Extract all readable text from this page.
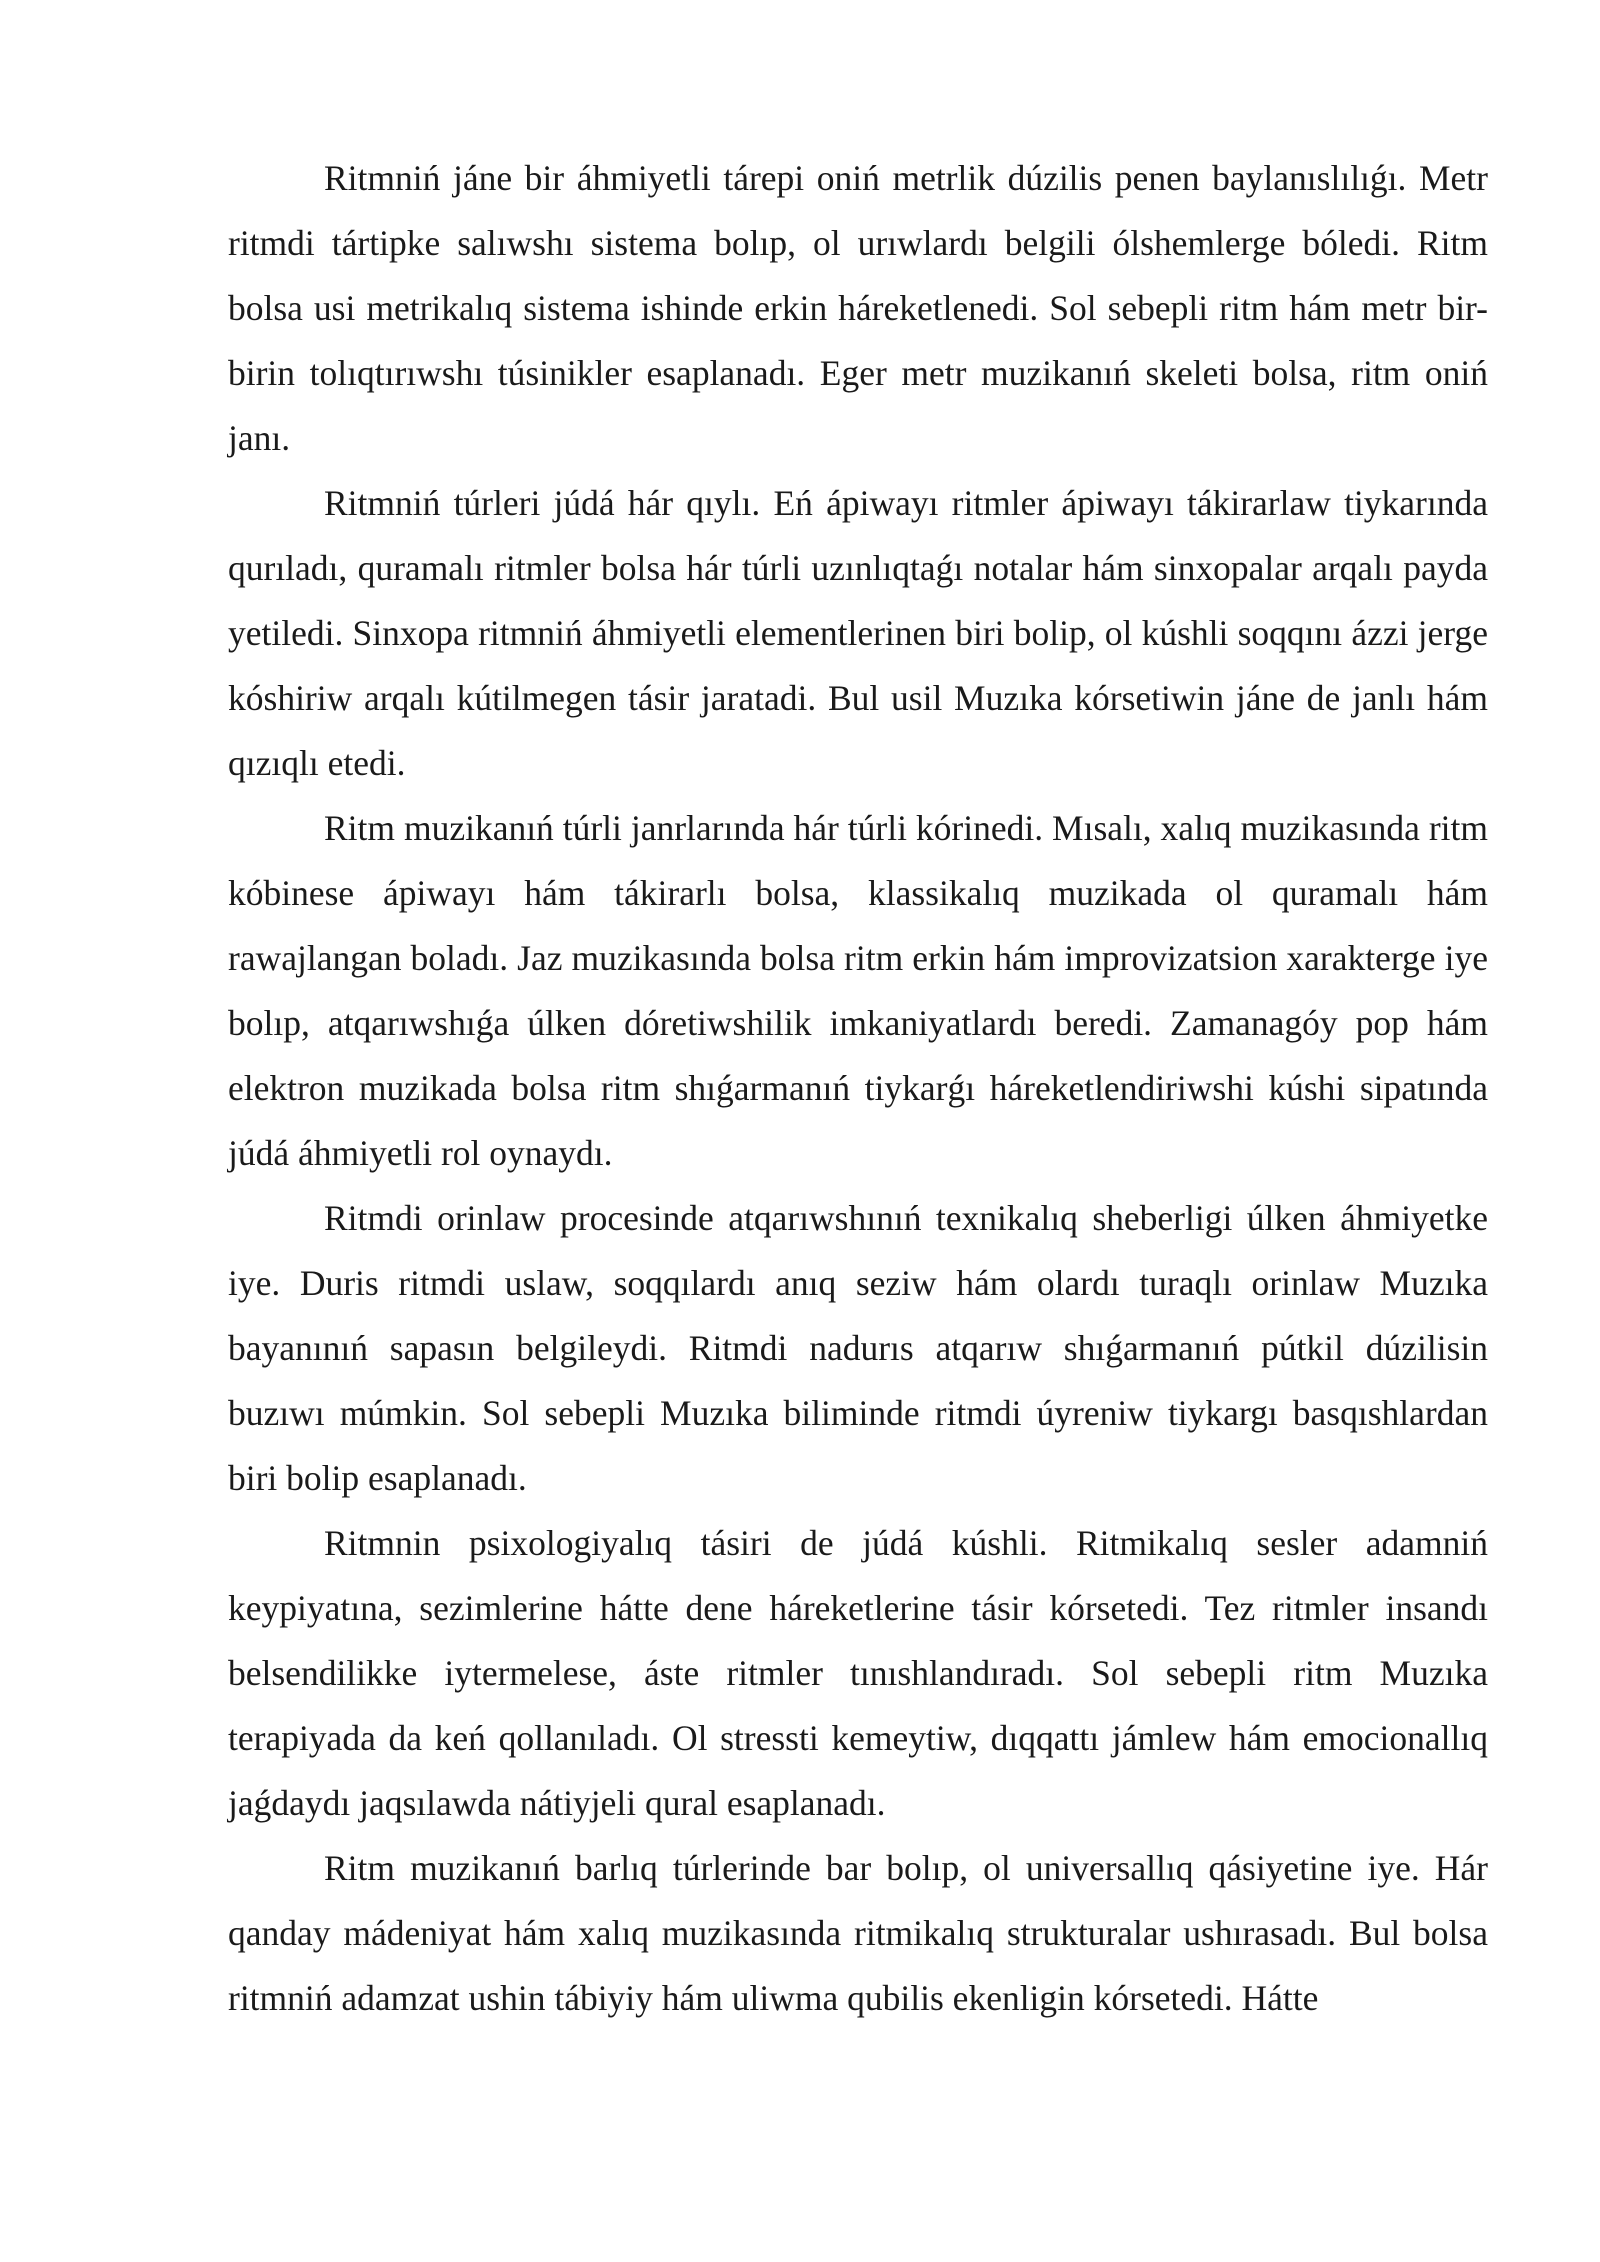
Ritmniń jáne bir áhmiyetli tárepi oniń metrlik dúzilis penen baylanıslılıǵı. Metr ritmdi tártipke salıwshı sistema bolıp, ol urıwlardı belgili ólshemlerge bóledi. Ritm bolsa usi metrikalıq sistema ishinde erkin háreketlenedi. Sol sebepli ritm hám metr bir-birin tolıqtırıwshı túsinikler esaplanadı. Eger metr muzikanıń skeleti bolsa, ritm oniń janı.

Ritmniń túrleri júdá hár qıylı. Eń ápiwayı ritmler ápiwayı tákirarlaw tiykarında qurıladı, quramalı ritmler bolsa hár túrli uzınlıqtaǵı notalar hám sinxopalar arqalı payda yetiledi. Sinxopa ritmniń áhmiyetli elementlerinen biri bolip, ol kúshli soqqını ázzi jerge kóshiriw arqalı kútilmegen tásir jaratadi. Bul usil Muzıka kórsetiwin jáne de janlı hám qızıqlı etedi.

Ritm muzikanıń túrli janrlarında hár túrli kórinedi. Mısalı, xalıq muzikasında ritm kóbinese ápiwayı hám tákirarlı bolsa, klassikalıq muzikada ol quramalı hám rawajlangan boladı. Jaz muzikasında bolsa ritm erkin hám improvizatsion xarakterge iye bolıp, atqarıwshıǵa úlken dóretiwshilik imkaniyatlardı beredi. Zamanagóy pop hám elektron muzikada bolsa ritm shıǵarmanıń tiykarǵı háreketlendiriwshi kúshi sipatında júdá áhmiyetli rol oynaydı.

Ritmdi orinlaw procesinde atqarıwshınıń texnikalıq sheberligi úlken áhmiyetke iye. Duris ritmdi uslaw, soqqılardı anıq seziw hám olardı turaqlı orinlaw Muzıka bayanınıń sapasın belgileydi. Ritmdi nadurıs atqarıw shıǵarmanıń pútkil dúzilisin buzıwı múmkin. Sol sebepli Muzıka biliminde ritmdi úyreniw tiykargı basqıshlardan biri bolip esaplanadı.

Ritmnin psixologiyalıq tásiri de júdá kúshli. Ritmikalıq sesler adamniń keypiyatına, sezimlerine hátte dene háreketlerine tásir kórsetedi. Tez ritmler insandı belsendilikke iytermelese, áste ritmler tınıshlandıradı. Sol sebepli ritm Muzıka terapiyada da keń qollanıladı. Ol stressti kemeytiw, dıqqattı jámlew hám emocionallıq jaǵdaydı jaqsılawda nátiyjeli qural esaplanadı.

Ritm muzikanıń barlıq túrlerinde bar bolıp, ol universallıq qásiyetine iye. Hár qanday mádeniyat hám xalıq muzikasında ritmikalıq strukturalar ushırasadı. Bul bolsa ritmniń adamzat ushin tábiyiy hám uliwma qubilis ekenligin kórsetedi. Hátte
